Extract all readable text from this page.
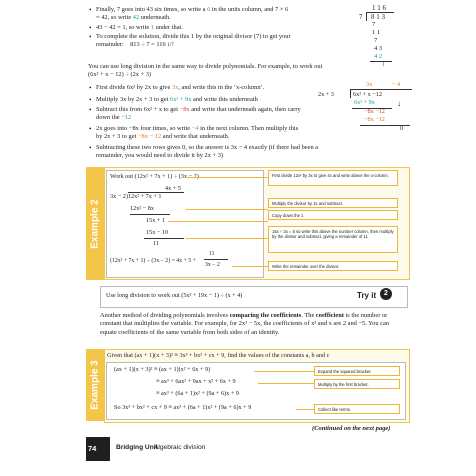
• Finally, 7 goes into 43 six times, so write a 6 in the units column, and 7 × 6 = 42, so write 42 underneath.
• 43 − 42 = 1, so write 1 under that.
• To complete the solution, divide this 1 by the original divisor (7) to get your remainder:    813 ÷ 7 = 116 1/7
1 1 6
7 8 1 3
7
1 1
7
4 3
4 2
1
You can use long division in the same way to divide polynomials. For example, to work out (6x² + x − 12) ÷ (2x + 3)
• First divide 6x² by 2x to give 3x, and write this in the ‘x-column’.
• Multiply 3x by 2x + 3 to get 6x² + 9x and write this underneath
• Subtract this from 6x² + x to get −8x and write that underneath again, then carry down the −12
• 2x goes into −8x four times, so write −4 in the next column. Then multiply this by 2x + 3 to get −8x − 12 and write that underneath.
• Subtracting these two rows gives 0, so the answer is 3x − 4 exactly (if there had been a remainder, you would need to divide it by 2x + 3)
3x	− 4
2x + 3	6x² + x −12
6x² + 9x	↓
−8x −12
−8x −12
0
Example 2
Work out (12x² + 7x + 1) ÷ (3x − 2)
4x + 5
3x − 2)12x² + 7x + 1
12x² − 8x
15x + 1
15x − 10
11
(12x² + 7x + 1) ÷ (3x − 2) = 4x + 5 +
11
3x − 2
First divide 12x² by 3x to give 4x and write above the x-column.
Multiply the divisor by 4x and subtract.
Copy down the 1
15x ÷ 3x = 5 so write this above the number column, then multiply by the divisor and subtract, giving a remainder of 11
Write the remainder over the divisor.
Use long division to work out (5x³ + 19x − 1) ÷ (x + 4)	Try it	2
Another method of dividing polynomials involves comparing the coefficients. The coefficient is the number or constant that multiplies the variable. For example, for 2x³ − 5x, the coefficients of x³ and x are 2 and −5. You can equate coefficients of the same variable from both sides of an identity.
Example 3
Given that (ax + 1)(x + 3)² ≡ 3x³ + bx² + cx + 9, find the values of the constants a, b and c
(ax + 1)(x + 3)² ≡ (ax + 1)(x² + 6x + 9)
≡ ax³ + 6ax² + 9ax + x² + 6x + 9
≡ ax³ + (6a + 1)x² + (9a + 6)x + 9
So 3x³ + bx² + cx + 9 ≡ ax³ + (6a + 1)x² + (9a + 6)x + 9
Expand the squared bracket.
Multiply by the first bracket.
Collect like terms.
(Continued on the next page)
74	Bridging Unit
Algebraic division
